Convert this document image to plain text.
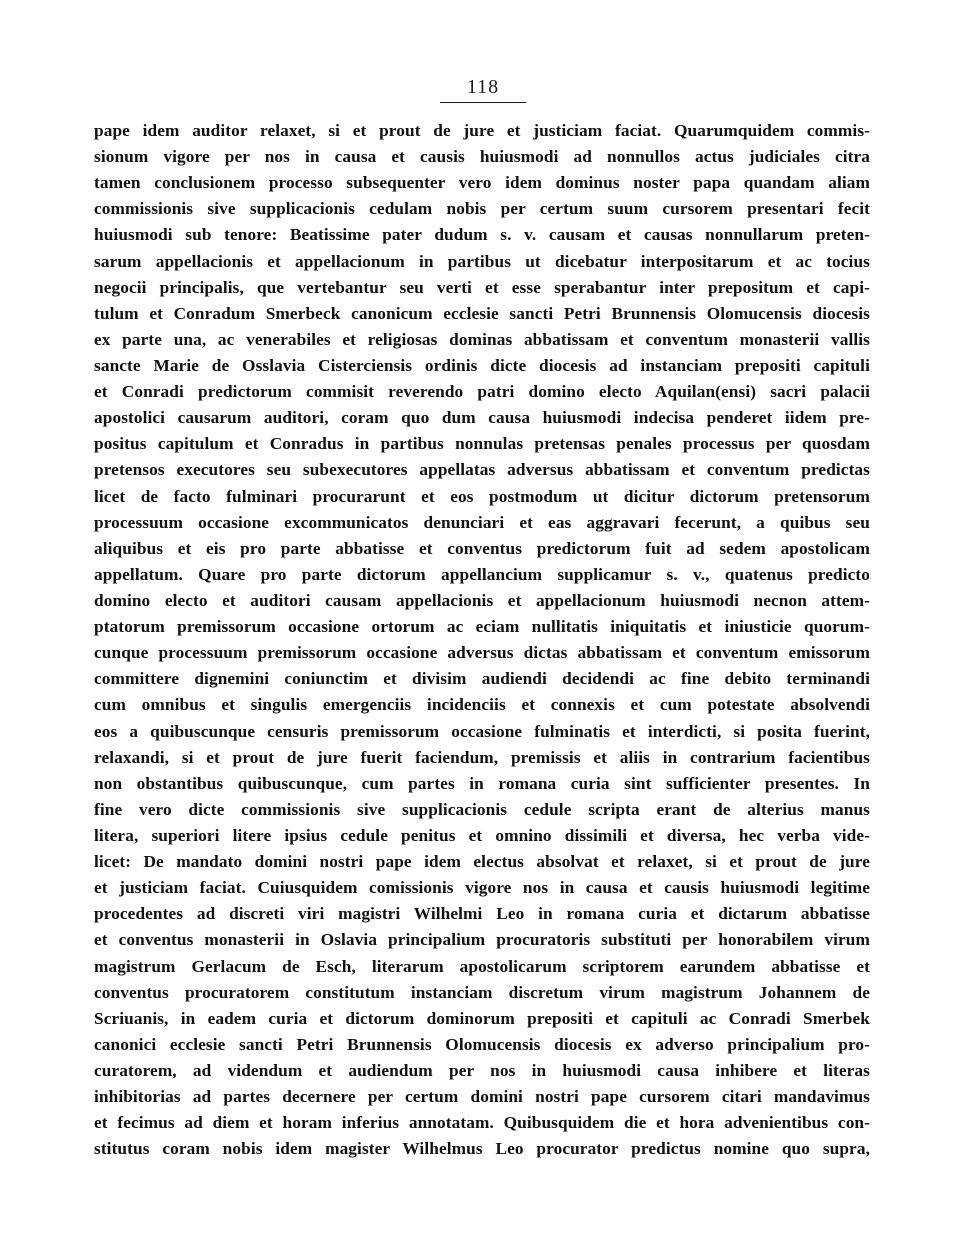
118
pape idem auditor relaxet, si et prout de jure et justiciam faciat. Quarumquidem commis-
sionum vigore per nos in causa et causis huiusmodi ad nonnullos actus judiciales citra
tamen conclusionem processo subsequenter vero idem dominus noster papa quandam aliam
commissionis sive supplicacionis cedulam nobis per certum suum cursorem presentari fecit
huiusmodi sub tenore: Beatissime pater dudum s. v. causam et causas nonnullarum preten-
sarum appellacionis et appellacionum in partibus ut dicebatur interpositarum et ac tocius
negocii principalis, que vertebantur seu verti et esse sperabantur inter prepositum et capi-
tulum et Conradum Smerbeck canonicum ecclesie sancti Petri Brunnensis Olomucensis diocesis
ex parte una, ac venerabiles et religiosas dominas abbatissam et conventum monasterii vallis
sancte Marie de Osslavia Cisterciensis ordinis dicte diocesis ad instanciam prepositi capituli
et Conradi predictorum commisit reverendo patri domino electo Aquilan(ensi) sacri palacii
apostolici causarum auditori, coram quo dum causa huiusmodi indecisa penderet iidem pre-
positus capitulum et Conradus in partibus nonnulas pretensas penales processus per quosdam
pretensos executores seu subexecutores appellatas adversus abbatissam et conventum predictas
licet de facto fulminari procurarunt et eos postmodum ut dicitur dictorum pretensorum
processuum occasione excommunicatos denunciari et eas aggravari fecerunt, a quibus seu
aliquibus et eis pro parte abbatisse et conventus predictorum fuit ad sedem apostolicam
appellatum. Quare pro parte dictorum appellancium supplicamur s. v., quatenus predicto
domino electo et auditori causam appellacionis et appellacionum huiusmodi necnon attem-
ptatorum premissorum occasione ortorum ac eciam nullitatis iniquitatis et iniusticie quorum-
cunque processuum premissorum occasione adversus dictas abbatissam et conventum emissorum
committere dignemini coniunctim et divisim audiendi decidendi ac fine debito terminandi
cum omnibus et singulis emergenciis incidenciis et connexis et cum potestate absolvendi
eos a quibuscunque censuris premissorum occasione fulminatis et interdicti, si posita fuerint,
relaxandi, si et prout de jure fuerit faciendum, premissis et aliis in contrarium facientibus
non obstantibus quibuscunque, cum partes in romana curia sint sufficienter presentes. In
fine vero dicte commissionis sive supplicacionis cedule scripta erant de alterius manus
litera, superiori litere ipsius cedule penitus et omnino dissimili et diversa, hec verba vide-
licet: De mandato domini nostri pape idem electus absolvat et relaxet, si et prout de jure
et justiciam faciat. Cuiusquidem comissionis vigore nos in causa et causis huiusmodi legitime
procedentes ad discreti viri magistri Wilhelmi Leo in romana curia et dictarum abbatisse
et conventus monasterii in Oslavia principalium procuratoris substituti per honorabilem virum
magistrum Gerlacum de Esch, literarum apostolicarum scriptorem earundem abbatisse et
conventus procuratorem constitutum instanciam discretum virum magistrum Johannem de
Scriuanis, in eadem curia et dictorum dominorum prepositi et capituli ac Conradi Smerbek
canonici ecclesie sancti Petri Brunnensis Olomucensis diocesis ex adverso principalium pro-
curatorem, ad videndum et audiendum per nos in huiusmodi causa inhibere et literas
inhibitorias ad partes decernere per certum domini nostri pape cursorem citari mandavimus
et fecimus ad diem et horam inferius annotatam. Quibusquidem die et hora advenientibus con-
stitutus coram nobis idem magister Wilhelmus Leo procurator predictus nomine quo supra,
